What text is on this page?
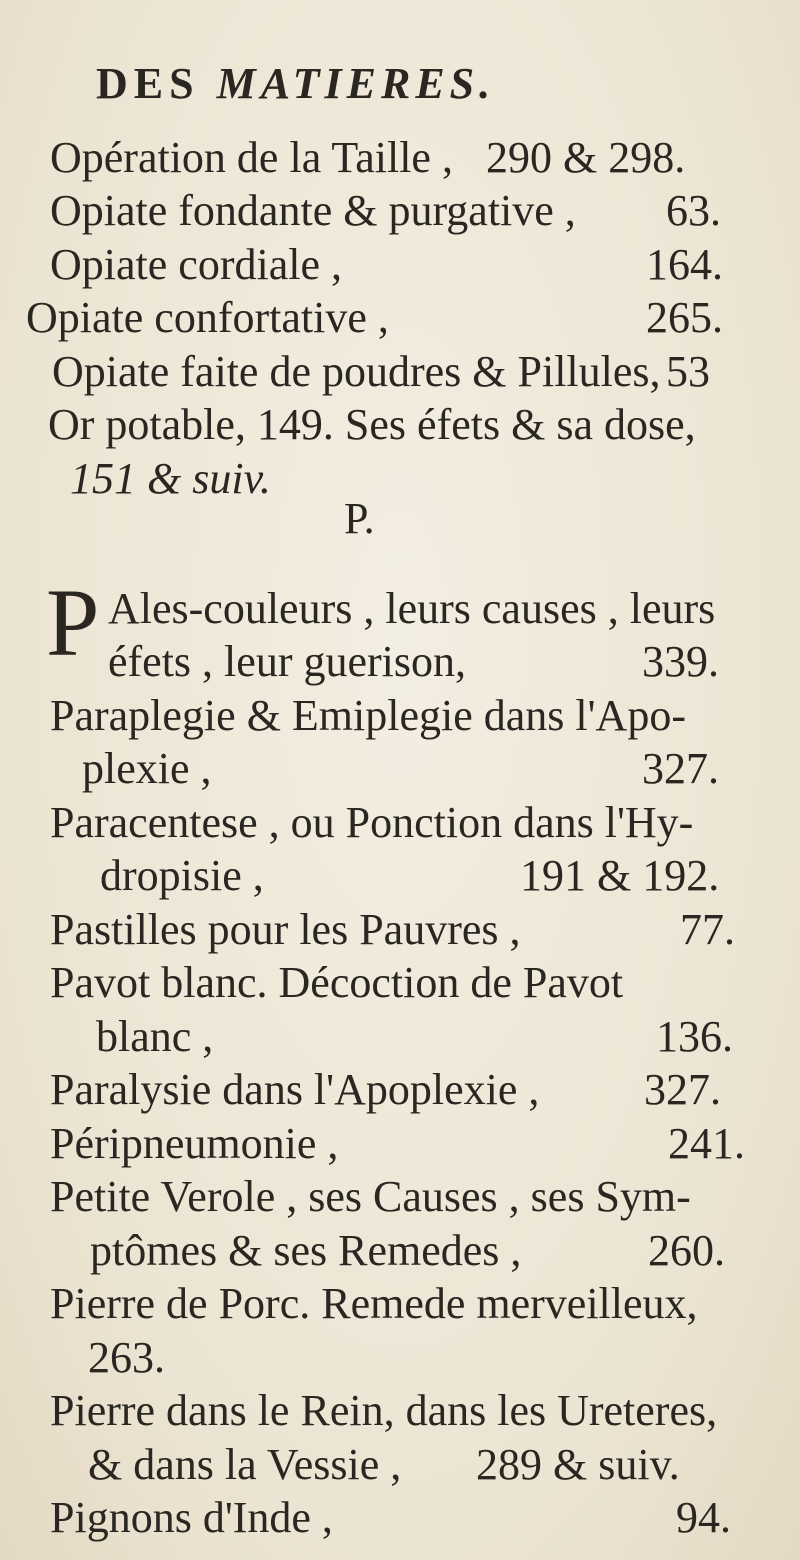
DES MATIERES.
Opération de la Taille , 290 & 298.
Opiate fondante & purgative , 63.
Opiate cordiale ,	164.
Opiate confortative ,	265.
Opiate faite de poudres & Pillules, 53
Or potable, 149. Ses éfets & sa dose,
151 & suiv.
P.
P Ales-couleurs , leurs causes , leurs
éfets , leur guerison,	339.
Paraplegie & Emiplegie dans l'Apo-
plexie ,	327.
Paracentese , ou Ponction dans l'Hy-
dropisie ,	191 & 192.
Pastilles pour les Pauvres ,	77.
Pavot blanc. Décoction de Pavot
blanc ,	136.
Paralysie dans l'Apoplexie , 327.
Péripneumonie ,	241.
Petite Verole , ses Causes , ses Sym-
ptômes & ses Remedes ,	260.
Pierre de Porc. Remede merveilleux,
263.
Pierre dans le Rein, dans les Ureteres,
& dans la Vessie , 289 & suiv.
Pignons d'Inde ,	94.
